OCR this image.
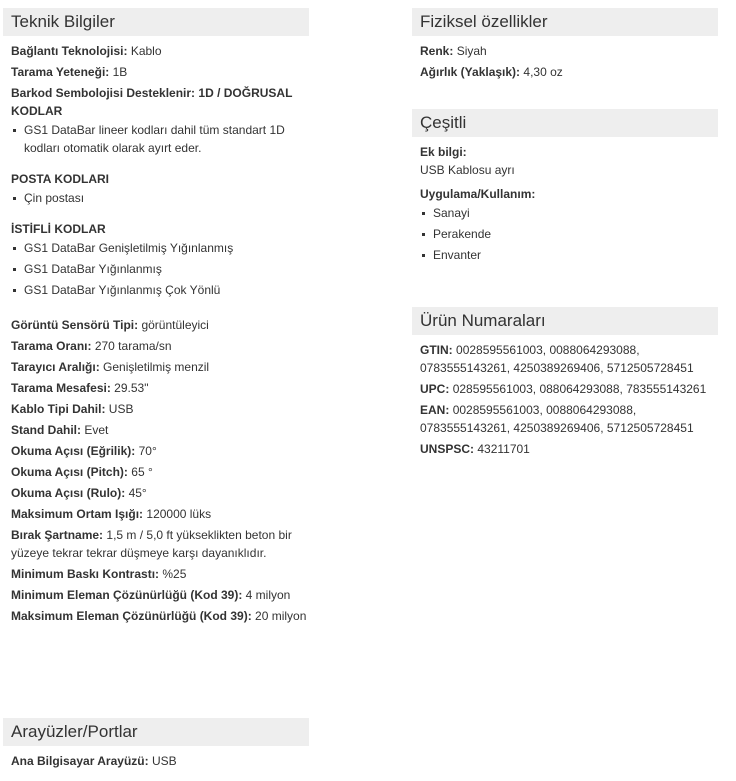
Teknik Bilgiler
Bağlantı Teknolojisi: Kablo
Tarama Yeteneği: 1B
Barkod Sembolojisi Desteklenir: 1D / DOĞRUSAL KODLAR
GS1 DataBar lineer kodları dahil tüm standart 1D kodları otomatik olarak ayırt eder.
POSTA KODLARI
Çin postası
İSTİFLİ KODLAR
GS1 DataBar Genişletilmiş Yığınlanmış
GS1 DataBar Yığınlanmış
GS1 DataBar Yığınlanmış Çok Yönlü
Görüntü Sensörü Tipi: görüntüleyici
Tarama Oranı: 270 tarama/sn
Tarayıcı Aralığı: Genişletilmiş menzil
Tarama Mesafesi: 29.53"
Kablo Tipi Dahil: USB
Stand Dahil: Evet
Okuma Açısı (Eğrilik): 70°
Okuma Açısı (Pitch): 65 °
Okuma Açısı (Rulo): 45°
Maksimum Ortam Işığı: 120000 lüks
Bırak Şartname: 1,5 m / 5,0 ft yükseklikten beton bir yüzeye tekrar tekrar düşmeye karşı dayanıklıdır.
Minimum Baskı Kontrastı: %25
Minimum Eleman Çözünürlüğü (Kod 39): 4 milyon
Maksimum Eleman Çözünürlüğü (Kod 39): 20 milyon
Arayüzler/Portlar
Ana Bilgisayar Arayüzü: USB
Fiziksel özellikler
Renk: Siyah
Ağırlık (Yaklaşık): 4,30 oz
Çeşitli
Ek bilgi:
USB Kablosu ayrı
Uygulama/Kullanım:
Sanayi
Perakende
Envanter
Ürün Numaraları
GTIN: 0028595561003, 0088064293088, 0783555143261, 4250389269406, 5712505728451
UPC: 028595561003, 088064293088, 783555143261
EAN: 0028595561003, 0088064293088, 0783555143261, 4250389269406, 5712505728451
UNSPSC: 43211701
